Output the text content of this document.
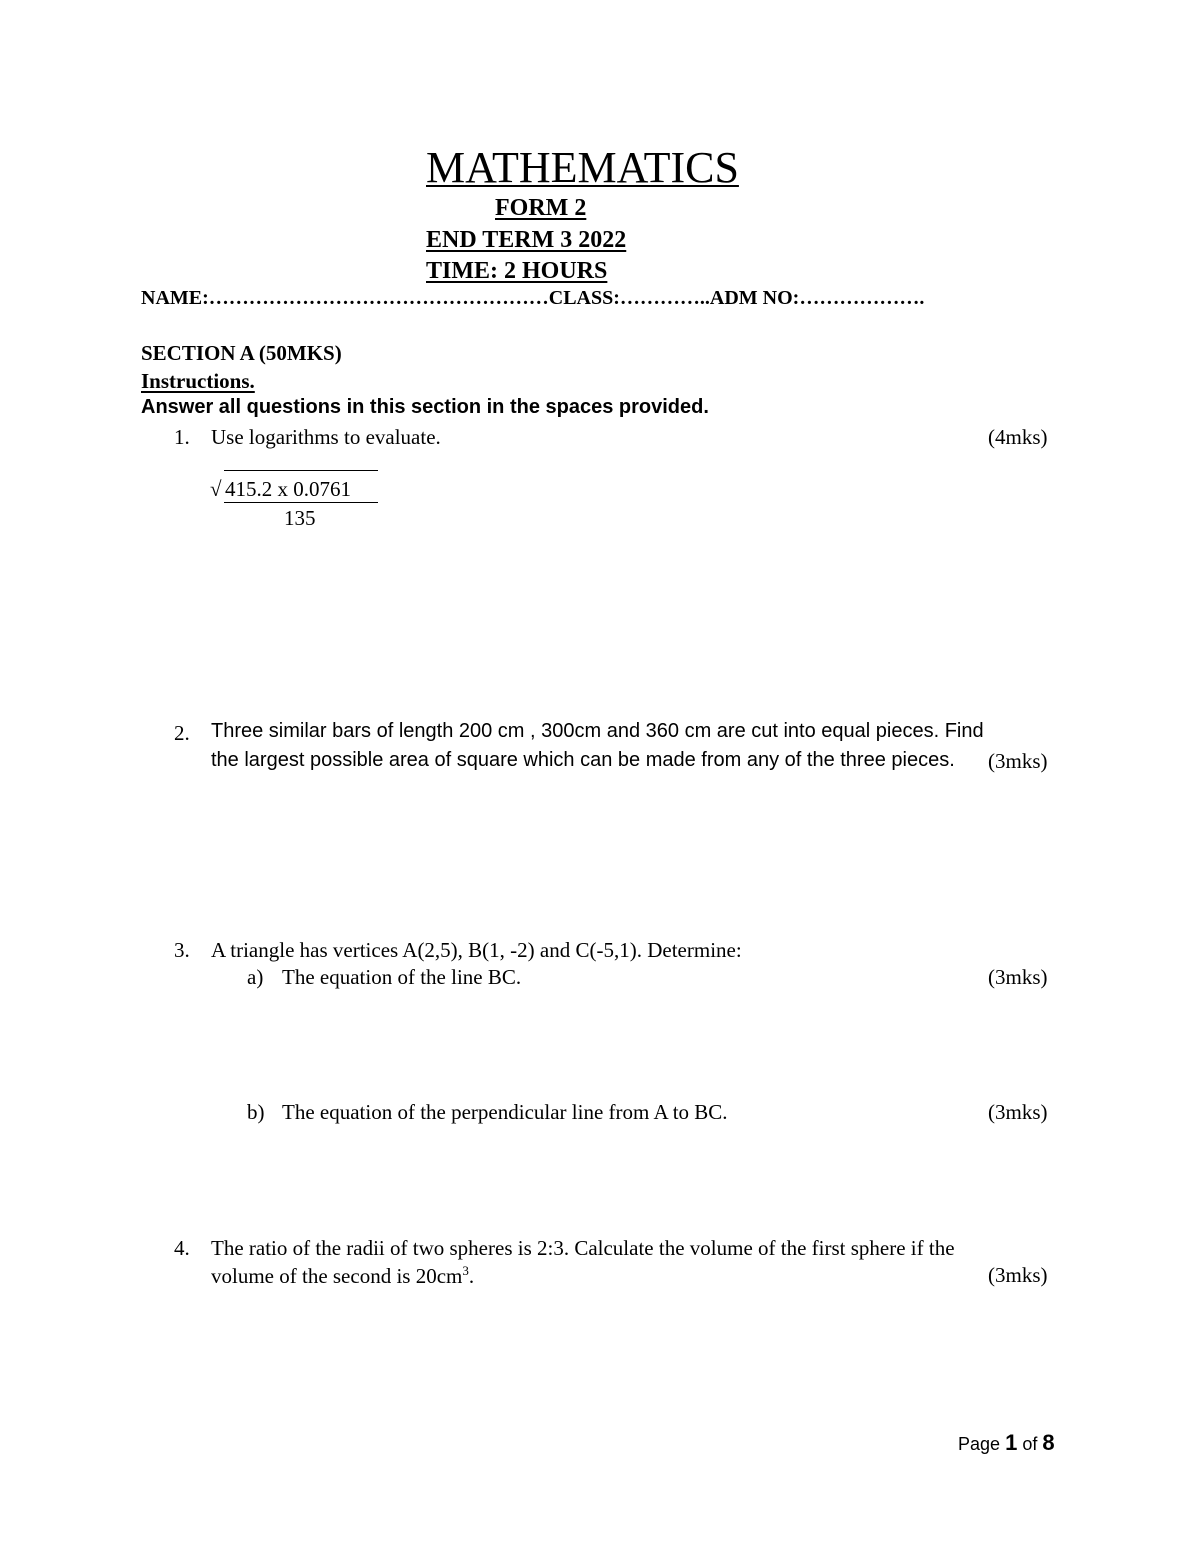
MATHEMATICS
FORM 2
END TERM 3 2022
TIME: 2 HOURS
NAME:……………………………………………CLASS:…………..ADM NO:……………….
SECTION A (50MKS)
Instructions.
Answer all questions in this section in the spaces provided.
1. Use logarithms to evaluate.	(4mks)
√ 415.2 x 0.0761
135
2. Three similar bars of length 200 cm , 300cm and 360 cm are cut into equal pieces. Find
the largest possible area of square which can be made from any of the three pieces. (3mks)
3. A triangle has vertices A(2,5), B(1, -2) and C(-5,1). Determine:
a) The equation of the line BC.	(3mks)
b) The equation of the perpendicular line from A to BC.	(3mks)
4. The ratio of the radii of two spheres is 2:3. Calculate the volume of the first sphere if the
volume of the second is $20cm^3$.	(3mks)
Page 1 of 8
